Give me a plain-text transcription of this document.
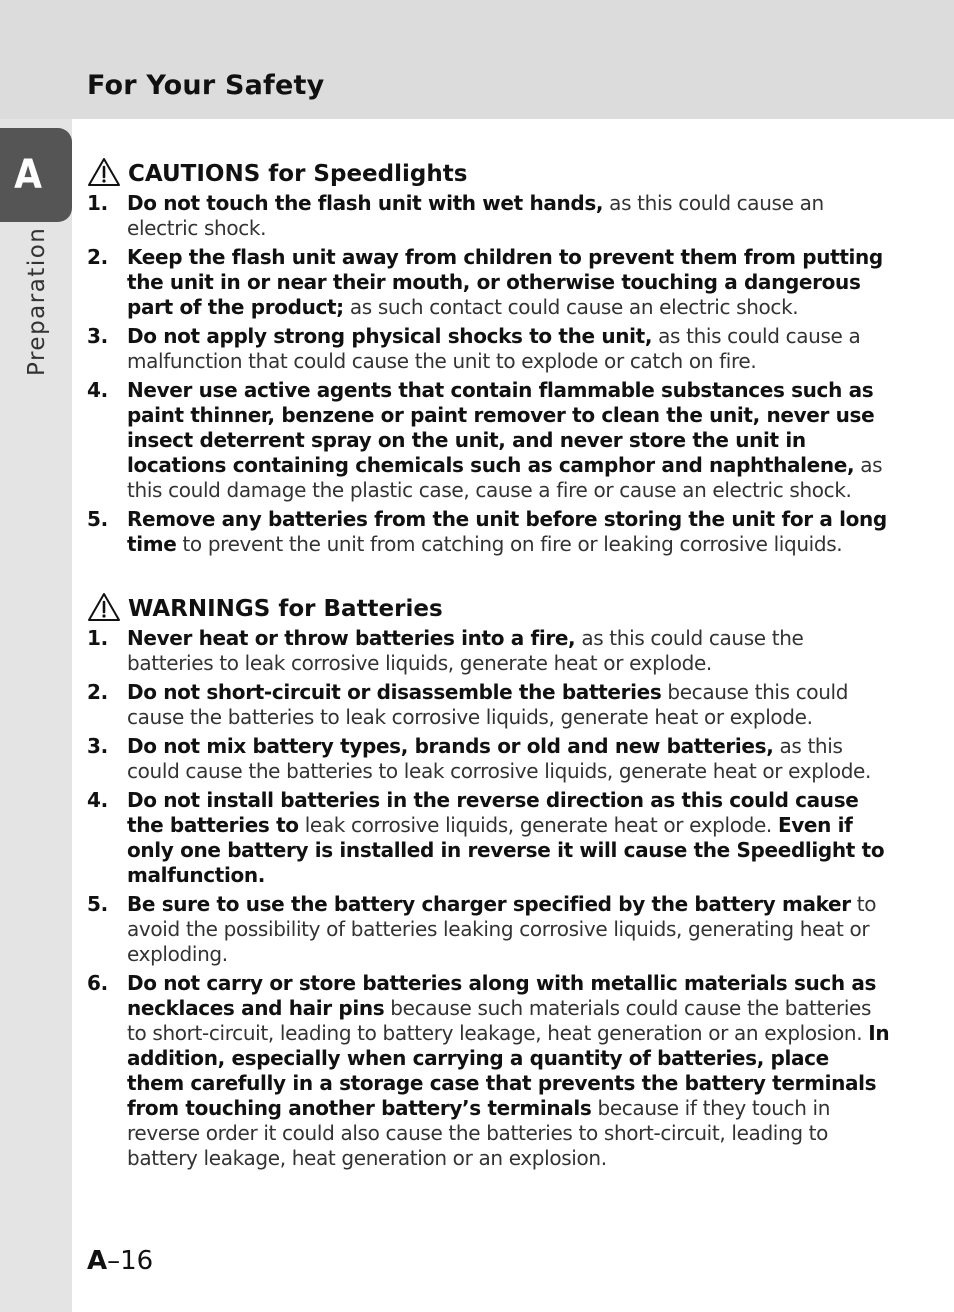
For Your Safety
A
Preparation
CAUTIONS for Speedlights
1. Do not touch the flash unit with wet hands, as this could cause an electric shock.
2. Keep the flash unit away from children to prevent them from putting the unit in or near their mouth, or otherwise touching a dangerous part of the product; as such contact could cause an electric shock.
3. Do not apply strong physical shocks to the unit, as this could cause a malfunction that could cause the unit to explode or catch on fire.
4. Never use active agents that contain flammable substances such as paint thinner, benzene or paint remover to clean the unit, never use insect deterrent spray on the unit, and never store the unit in locations containing chemicals such as camphor and naphthalene, as this could damage the plastic case, cause a fire or cause an electric shock.
5. Remove any batteries from the unit before storing the unit for a long time to prevent the unit from catching on fire or leaking corrosive liquids.
WARNINGS for Batteries
1. Never heat or throw batteries into a fire, as this could cause the batteries to leak corrosive liquids, generate heat or explode.
2. Do not short-circuit or disassemble the batteries because this could cause the batteries to leak corrosive liquids, generate heat or explode.
3. Do not mix battery types, brands or old and new batteries, as this could cause the batteries to leak corrosive liquids, generate heat or explode.
4. Do not install batteries in the reverse direction as this could cause the batteries to leak corrosive liquids, generate heat or explode. Even if only one battery is installed in reverse it will cause the Speedlight to malfunction.
5. Be sure to use the battery charger specified by the battery maker to avoid the possibility of batteries leaking corrosive liquids, generating heat or exploding.
6. Do not carry or store batteries along with metallic materials such as necklaces and hair pins because such materials could cause the batteries to short-circuit, leading to battery leakage, heat generation or an explosion. In addition, especially when carrying a quantity of batteries, place them carefully in a storage case that prevents the battery terminals from touching another battery’s terminals because if they touch in reverse order it could also cause the batteries to short-circuit, leading to battery leakage, heat generation or an explosion.
A–16
